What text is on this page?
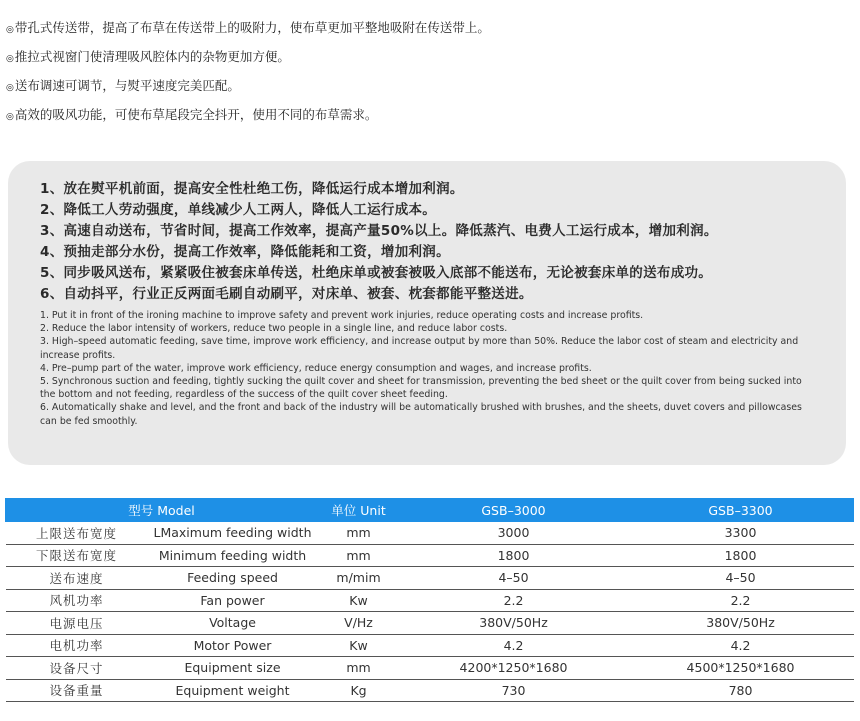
◎带孔式传送带，提高了布草在传送带上的吸附力，使布草更加平整地吸附在传送带上。
◎推拉式视窗门使清理吸风腔体内的杂物更加方便。
◎送布调速可调节，与熨平速度完美匹配。
◎高效的吸风功能，可使布草尾段完全抖开，使用不同的布草需求。
1、放在熨平机前面，提高安全性杜绝工伤，降低运行成本增加利润。
2、降低工人劳动强度，单线减少人工两人，降低人工运行成本。
3、高速自动送布，节省时间，提高工作效率，提高产量50%以上。降低蒸汽、电费人工运行成本，增加利润。
4、预抽走部分水份，提高工作效率，降低能耗和工资，增加利润。
5、同步吸风送布，紧紧吸住被套床单传送，杜绝床单或被套被吸入底部不能送布，无论被套床单的送布成功。
6、自动抖平，行业正反两面毛刷自动刷平，对床单、被套、枕套都能平整送进。
1. Put it in front of the ironing machine to improve safety and prevent work injuries, reduce operating costs and increase profits.
2. Reduce the labor intensity of workers, reduce two people in a single line, and reduce labor costs.
3. High–speed automatic feeding, save time, improve work efficiency, and increase output by more than 50%. Reduce the labor cost of steam and electricity and increase profits.
4. Pre–pump part of the water, improve work efficiency, reduce energy consumption and wages, and increase profits.
5. Synchronous suction and feeding, tightly sucking the quilt cover and sheet for transmission, preventing the bed sheet or the quilt cover from being sucked into the bottom and not feeding, regardless of the success of the quilt cover sheet feeding.
6. Automatically shake and level, and the front and back of the industry will be automatically brushed with brushes, and the sheets, duvet covers and pillowcases can be fed smoothly.
型号 Model		单位 Unit	GSB–3000	GSB–3300
上限送布宽度	LMaximum feeding width	mm	3000	3300
下限送布宽度	Minimum feeding width	mm	1800	1800
送布速度	Feeding speed	m/mim	4–50	4–50
风机功率	Fan power	Kw	2.2	2.2
电源电压	Voltage	V/Hz	380V/50Hz	380V/50Hz
电机功率	Motor Power	Kw	4.2	4.2
设备尺寸	Equipment size	mm	4200*1250*1680	4500*1250*1680
设备重量	Equipment weight	Kg	730	780
